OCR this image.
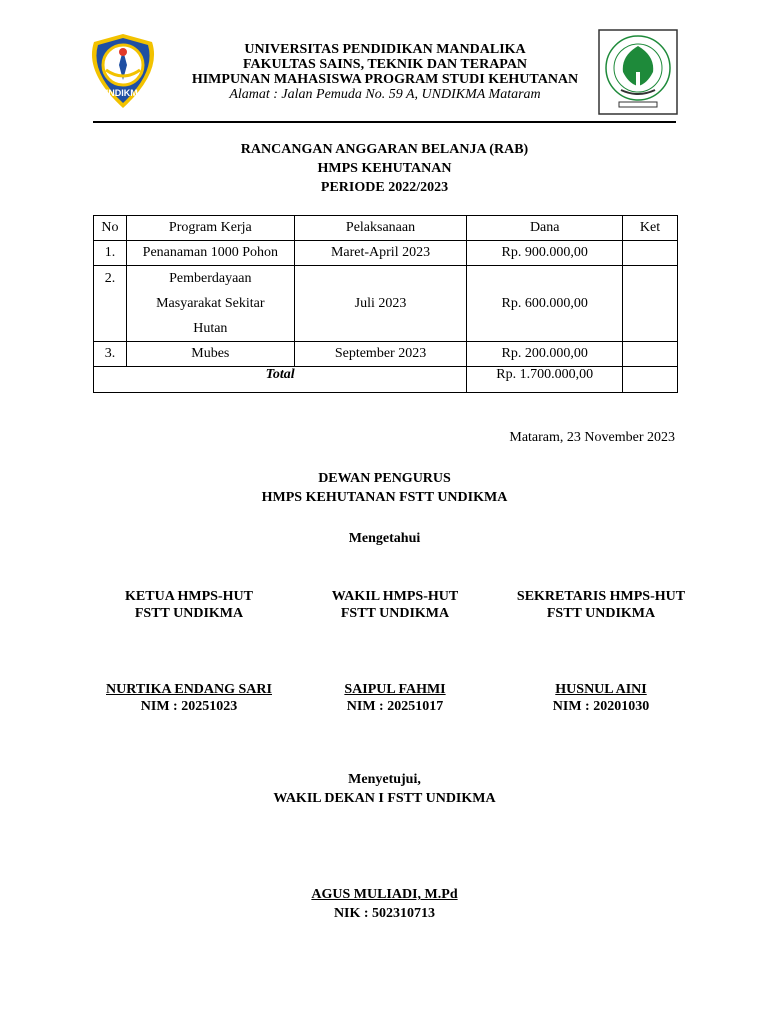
UNDIKMA
UNIVERSITAS PENDIDIKAN MANDALIKA
FAKULTAS SAINS, TEKNIK DAN TERAPAN
HIMPUNAN MAHASISWA PROGRAM STUDI KEHUTANAN
Alamat : Jalan Pemuda No. 59 A, UNDIKMA Mataram
RANCANGAN ANGGARAN BELANJA (RAB)
HMPS KEHUTANAN
PERIODE 2022/2023
No	Program Kerja	Pelaksanaan	Dana	Ket
1.	Penanaman 1000 Pohon	Maret-April 2023	Rp. 900.000,00	
2.	Pemberdayaan
Masyarakat Sekitar
Hutan	Juli 2023	Rp. 600.000,00	
3.	Mubes	September 2023	Rp. 200.000,00	
Total			Rp. 1.700.000,00	
Mataram, 23 November 2023
DEWAN PENGURUS
HMPS KEHUTANAN FSTT UNDIKMA
Mengetahui
KETUA HMPS-HUT
FSTT UNDIKMA
WAKIL HMPS-HUT
FSTT UNDIKMA
SEKRETARIS HMPS-HUT
FSTT UNDIKMA
NURTIKA ENDANG SARI
NIM : 20251023
SAIPUL FAHMI
NIM : 20251017
HUSNUL AINI
NIM : 20201030
Menyetujui,
WAKIL DEKAN I FSTT UNDIKMA
AGUS MULIADI, M.Pd
NIK : 502310713
